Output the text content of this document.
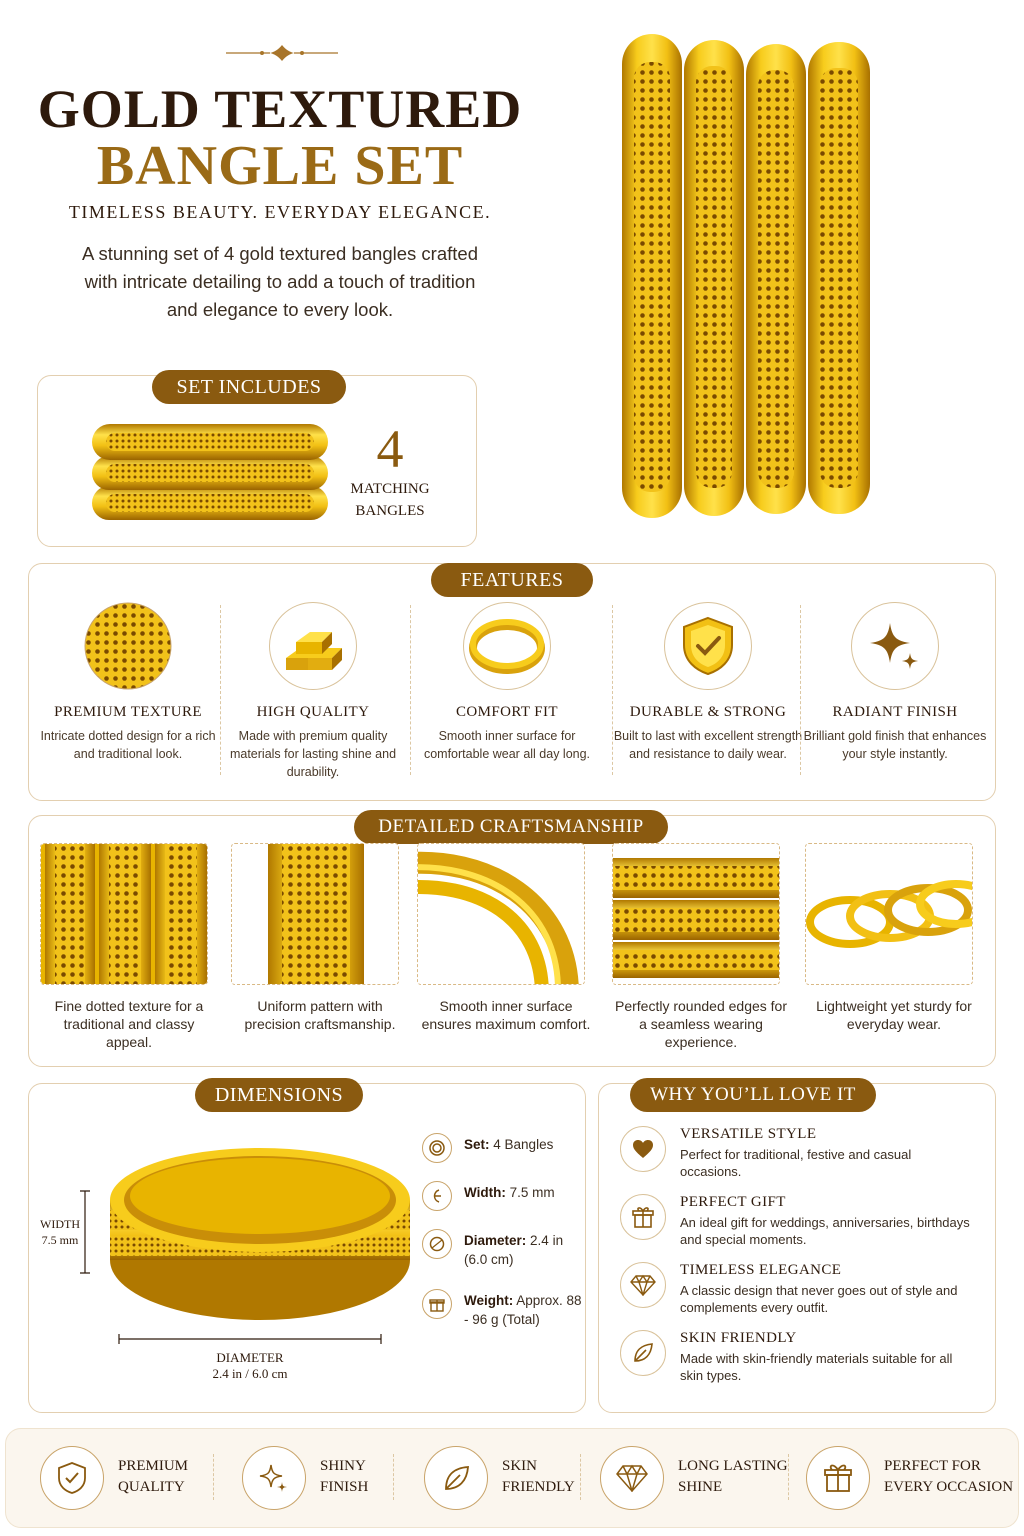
GOLD TEXTURED
BANGLE SET
TIMELESS BEAUTY. EVERYDAY ELEGANCE.
A stunning set of 4 gold textured bangles crafted with intricate detailing to add a touch of tradition and elegance to every look.
SET INCLUDES
4
MATCHING
BANGLES
FEATURES
PREMIUM TEXTURE

Intricate dotted design for a rich and traditional look.

HIGH QUALITY

Made with premium quality materials for lasting shine and durability.

COMFORT FIT

Smooth inner surface for comfortable wear all day long.

DURABLE & STRONG

Built to last with excellent strength and resistance to daily wear.

RADIANT FINISH

Brilliant gold finish that enhances your style instantly.

DETAILED CRAFTSMANSHIP

Fine dotted texture for a traditional and classy appeal.

Uniform pattern with precision craftsmanship.

Smooth inner surface ensures maximum comfort.

Perfectly rounded edges for a seamless wearing experience.

Lightweight yet sturdy for everyday wear.

DIMENSIONS
WIDTH
7.5 mm
DIAMETER
2.4 in / 6.0 cm
Set: 4 Bangles
Width: 7.5 mm
Diameter: 2.4 in (6.0 cm)
Weight: Approx. 88 - 96 g (Total)
WHY YOU’LL LOVE IT
VERSATILE STYLE

Perfect for traditional, festive and casual occasions.

PERFECT GIFT

An ideal gift for weddings, anniversaries, birthdays and special moments.

TIMELESS ELEGANCE

A classic design that never goes out of style and complements every outfit.

SKIN FRIENDLY

Made with skin-friendly materials suitable for all skin types.

PREMIUM
QUALITY
SHINY
FINISH
SKIN
FRIENDLY
LONG LASTING
SHINE
PERFECT FOR
EVERY OCCASION
